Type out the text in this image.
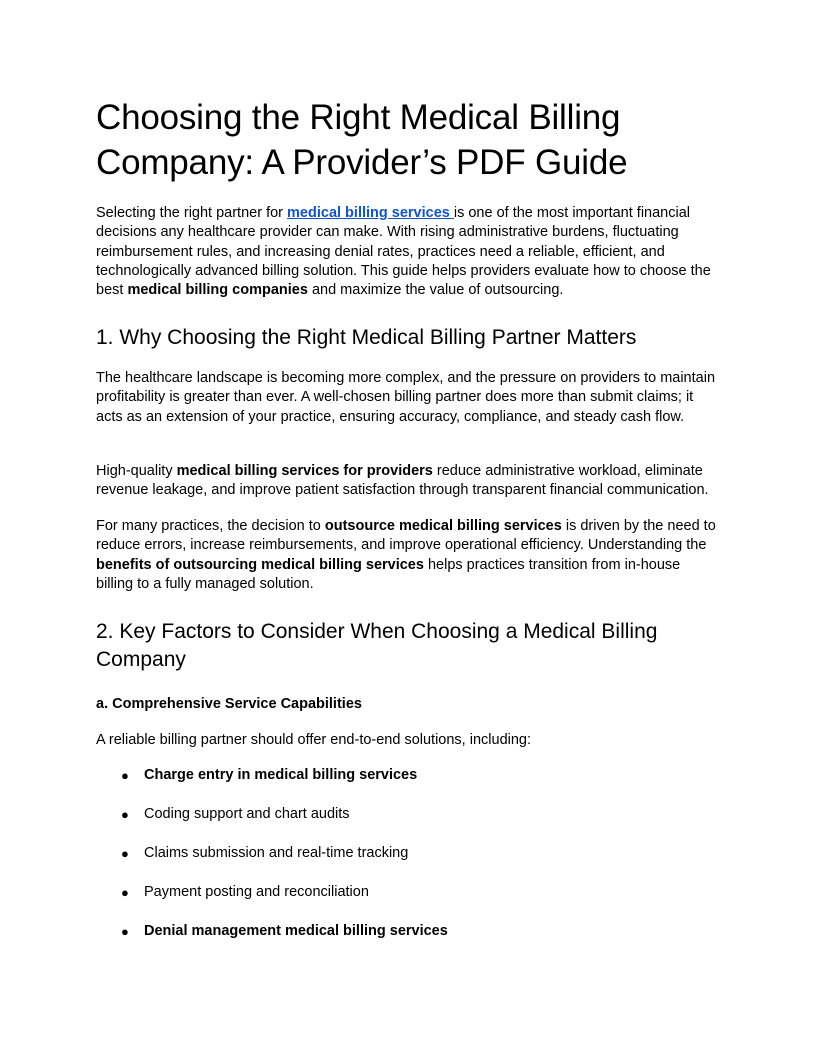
Choosing the Right Medical Billing Company: A Provider’s PDF Guide

Selecting the right partner for medical billing services is one of the most important financial decisions any healthcare provider can make. With rising administrative burdens, fluctuating reimbursement rules, and increasing denial rates, practices need a reliable, efficient, and technologically advanced billing solution. This guide helps providers evaluate how to choose the best medical billing companies and maximize the value of outsourcing.

1. Why Choosing the Right Medical Billing Partner Matters

The healthcare landscape is becoming more complex, and the pressure on providers to maintain profitability is greater than ever. A well-chosen billing partner does more than submit claims; it acts as an extension of your practice, ensuring accuracy, compliance, and steady cash flow.

High-quality medical billing services for providers reduce administrative workload, eliminate revenue leakage, and improve patient satisfaction through transparent financial communication.

For many practices, the decision to outsource medical billing services is driven by the need to reduce errors, increase reimbursements, and improve operational efficiency. Understanding the benefits of outsourcing medical billing services helps practices transition from in-house billing to a fully managed solution.

2. Key Factors to Consider When Choosing a Medical Billing Company
a. Comprehensive Service Capabilities

A reliable billing partner should offer end-to-end solutions, including:

● Charge entry in medical billing services
● Coding support and chart audits
● Claims submission and real-time tracking
● Payment posting and reconciliation
● Denial management medical billing services
